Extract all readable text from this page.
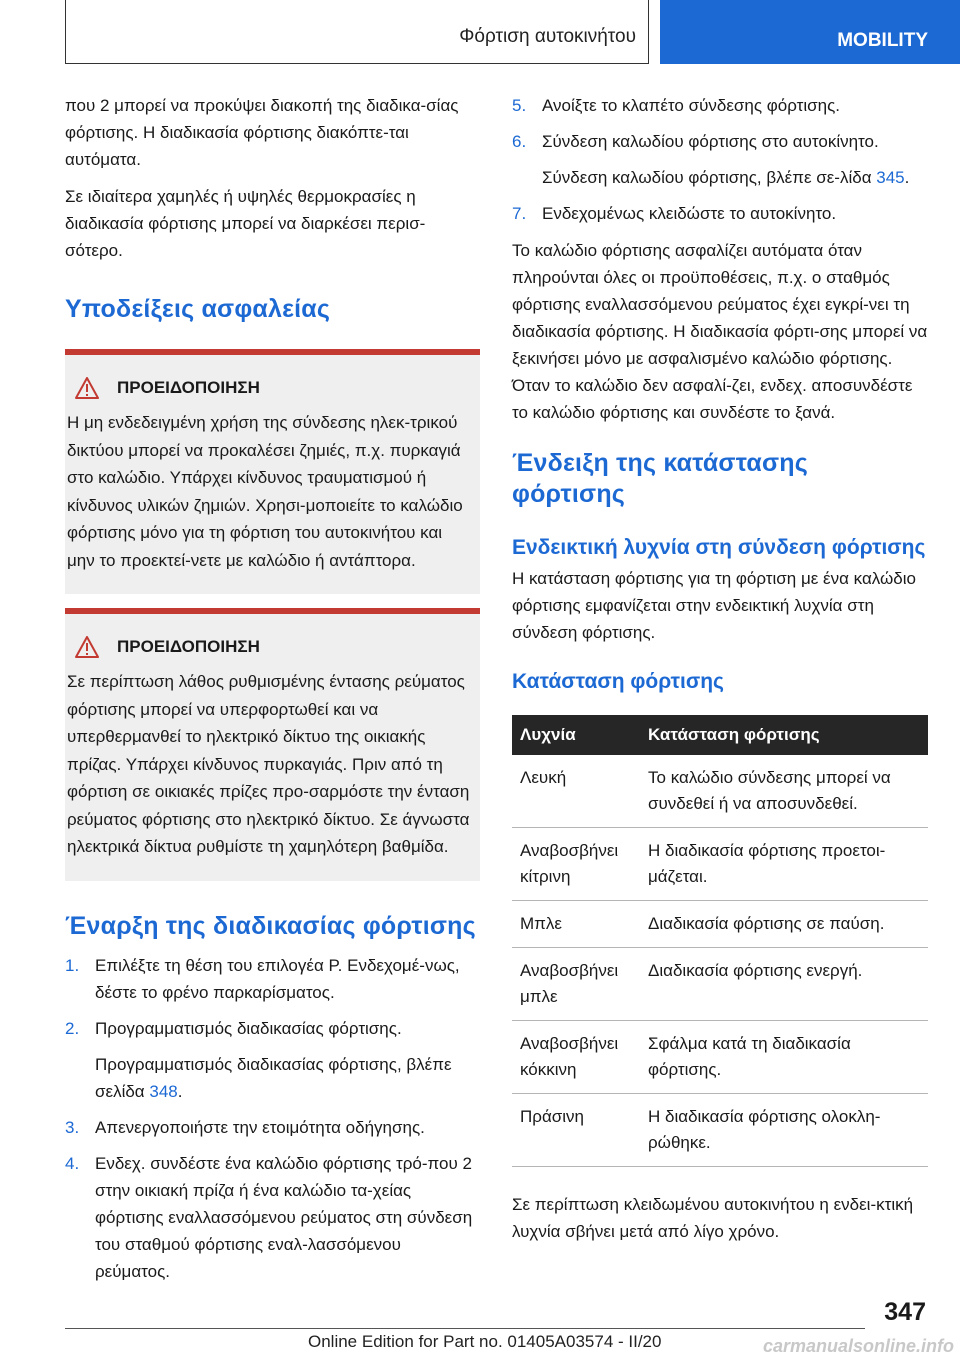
Φόρτιση αυτοκινήτου	MOBILITY

που 2 μπορεί να προκύψει διακοπή της διαδικα-σίας φόρτισης. Η διαδικασία φόρτισης διακόπτε-ται αυτόματα.

Σε ιδιαίτερα χαμηλές ή υψηλές θερμοκρασίες η διαδικασία φόρτισης μπορεί να διαρκέσει περισ-σότερο.

Υποδείξεις ασφαλείας
ΠΡΟΕΙΔΟΠΟΙΗΣΗ
Η μη ενδεδειγμένη χρήση της σύνδεσης ηλεκ-τρικού δικτύου μπορεί να προκαλέσει ζημιές, π.χ. πυρκαγιά στο καλώδιο. Υπάρχει κίνδυνος τραυματισμού ή κίνδυνος υλικών ζημιών. Χρησι-μοποιείτε το καλώδιο φόρτισης μόνο για τη φόρτιση του αυτοκινήτου και μην το προεκτεί-νετε με καλώδιο ή αντάπτορα.
ΠΡΟΕΙΔΟΠΟΙΗΣΗ
Σε περίπτωση λάθος ρυθμισμένης έντασης ρεύματος φόρτισης μπορεί να υπερφορτωθεί και να υπερθερμανθεί το ηλεκτρικό δίκτυο της οικιακής πρίζας. Υπάρχει κίνδυνος πυρκαγιάς. Πριν από τη φόρτιση σε οικιακές πρίζες προ-σαρμόστε την ένταση ρεύματος φόρτισης στο ηλεκτρικό δίκτυο. Σε άγνωστα ηλεκτρικά δίκτυα ρυθμίστε τη χαμηλότερη βαθμίδα.
Έναρξη της διαδικασίας φόρτισης
1. Επιλέξτε τη θέση του επιλογέα P. Ενδεχομέ-νως, δέστε το φρένο παρκαρίσματος.
2. Προγραμματισμός διαδικασίας φόρτισης.
Προγραμματισμός διαδικασίας φόρτισης, βλέπε σελίδα 348.
3. Απενεργοποιήστε την ετοιμότητα οδήγησης.
4. Ενδεχ. συνδέστε ένα καλώδιο φόρτισης τρό-που 2 στην οικιακή πρίζα ή ένα καλώδιο τα-χείας φόρτισης εναλλασσόμενου ρεύματος στη σύνδεση του σταθμού φόρτισης εναλ-λασσόμενου ρεύματος.
5. Ανοίξτε το κλαπέτο σύνδεσης φόρτισης.
6. Σύνδεση καλωδίου φόρτισης στο αυτοκίνητο.
Σύνδεση καλωδίου φόρτισης, βλέπε σε-λίδα 345.
7. Ενδεχομένως κλειδώστε το αυτοκίνητο.

Το καλώδιο φόρτισης ασφαλίζει αυτόματα όταν πληρούνται όλες οι προϋποθέσεις, π.χ. ο σταθμός φόρτισης εναλλασσόμενου ρεύματος έχει εγκρί-νει τη διαδικασία φόρτισης. Η διαδικασία φόρτι-σης μπορεί να ξεκινήσει μόνο με ασφαλισμένο καλώδιο φόρτισης. Όταν το καλώδιο δεν ασφαλί-ζει, ενδεχ. αποσυνδέστε το καλώδιο φόρτισης και συνδέστε το ξανά.

Ένδειξη της κατάστασης φόρτισης
Ενδεικτική λυχνία στη σύνδεση φόρτισης

Η κατάσταση φόρτισης για τη φόρτιση με ένα καλώδιο φόρτισης εμφανίζεται στην ενδεικτική λυχνία στη σύνδεση φόρτισης.

Κατάσταση φόρτισης
Λυχνία	Κατάσταση φόρτισης
Λευκή	Το καλώδιο σύνδεσης μπορεί να συνδεθεί ή να αποσυνδεθεί.
Αναβοσβήνει κίτρινη	Η διαδικασία φόρτισης προετοι-μάζεται.
Μπλε	Διαδικασία φόρτισης σε παύση.
Αναβοσβήνει μπλε	Διαδικασία φόρτισης ενεργή.
Αναβοσβήνει κόκκινη	Σφάλμα κατά τη διαδικασία φόρτισης.
Πράσινη	Η διαδικασία φόρτισης ολοκλη-ρώθηκε.

Σε περίπτωση κλειδωμένου αυτοκινήτου η ενδει-κτική λυχνία σβήνει μετά από λίγο χρόνο.

347
Online Edition for Part no. 01405A03574 - II/20	carmanualsonline.info
